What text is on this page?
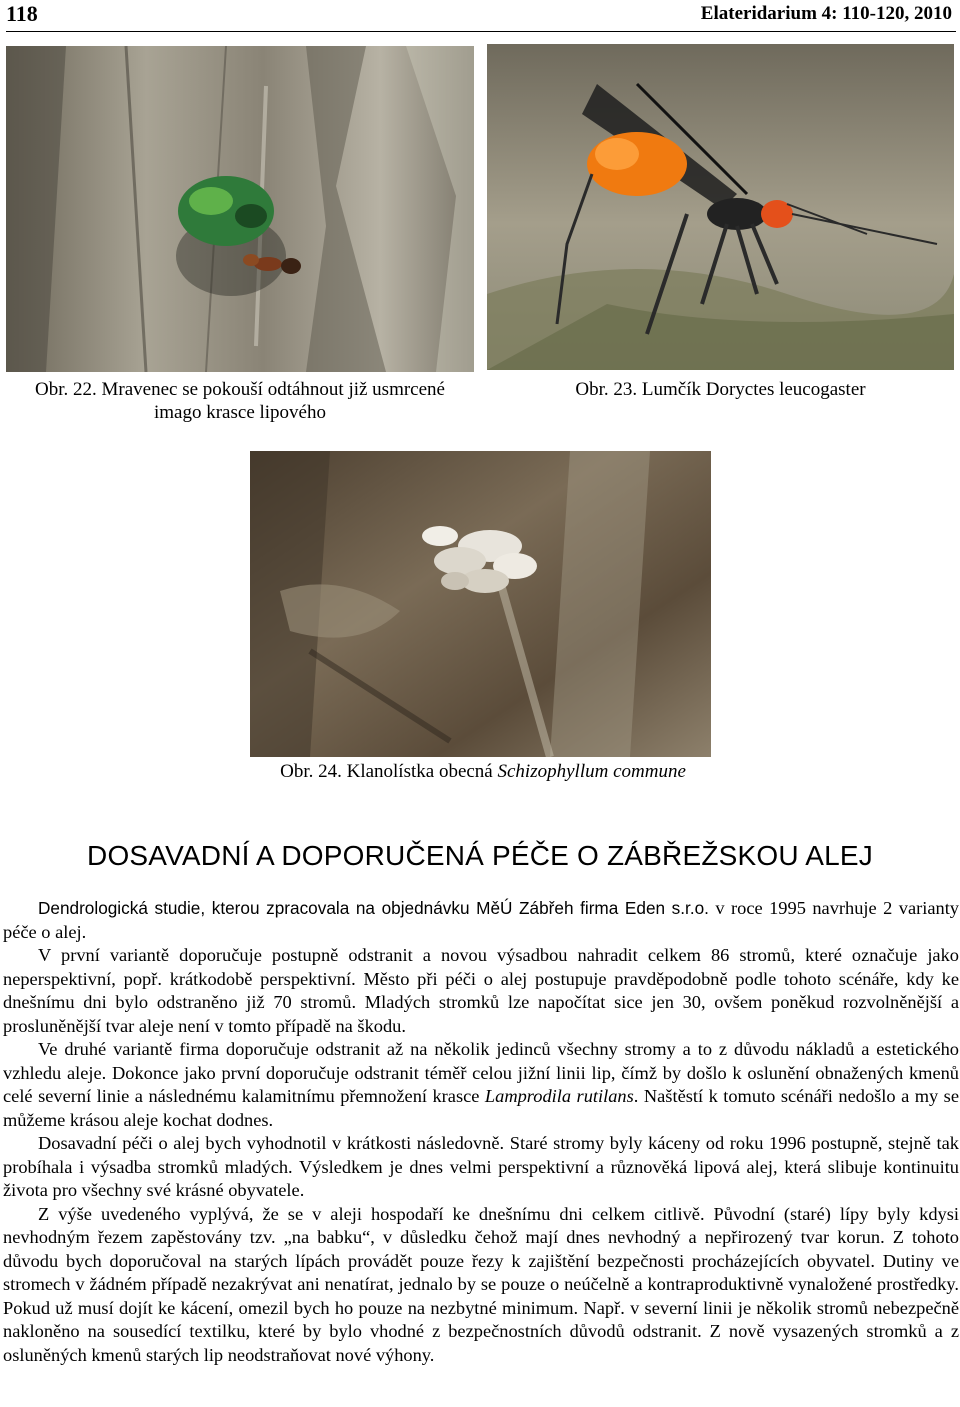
118	Elateridarium 4: 110-120, 2010
Obr. 22. Mravenec se pokouší odtáhnout již usmrcené
imago krasce lipového
Obr. 23. Lumčík Doryctes leucogaster
Obr. 24. Klanolístka obecná Schizophyllum commune
DOSAVADNÍ A DOPORUČENÁ PÉČE O ZÁBŘEŽSKOU ALEJ

Dendrologická studie, kterou zpracovala na objednávku MěÚ Zábřeh firma Eden s.r.o. v roce 1995 navrhuje 2 varianty péče o alej.

V první variantě doporučuje postupně odstranit a novou výsadbou nahradit celkem 86 stromů, které označuje jako neperspektivní, popř. krátkodobě perspektivní. Město při péči o alej postupuje pravděpodobně podle tohoto scénáře, kdy ke dnešnímu dni bylo odstraněno již 70 stromů. Mladých stromků lze napočítat sice jen 30, ovšem poněkud rozvolněnější a prosluněnější tvar aleje není v tomto případě na škodu.

Ve druhé variantě firma doporučuje odstranit až na několik jedinců všechny stromy a to z důvodu nákladů a estetického vzhledu aleje. Dokonce jako první doporučuje odstranit téměř celou jižní linii lip, čímž by došlo k oslunění obnažených kmenů celé severní linie a následnému kalamitnímu přemnožení krasce Lamprodila rutilans. Naštěstí k tomuto scénáři nedošlo a my se můžeme krásou aleje kochat dodnes.

Dosavadní péči o alej bych vyhodnotil v krátkosti následovně. Staré stromy byly káceny od roku 1996 postupně, stejně tak probíhala i výsadba stromků mladých. Výsledkem je dnes velmi perspektivní a různověká lipová alej, která slibuje kontinuitu života pro všechny své krásné obyvatele.

Z výše uvedeného vyplývá, že se v aleji hospodaří ke dnešnímu dni celkem citlivě. Původní (staré) lípy byly kdysi nevhodným řezem zapěstovány tzv. „na babku“, v důsledku čehož mají dnes nevhodný a nepřirozený tvar korun. Z tohoto důvodu bych doporučoval na starých lípách provádět pouze řezy k zajištění bezpečnosti procházejících obyvatel. Dutiny ve stromech v žádném případě nezakrývat ani nenatírat, jednalo by se pouze o neúčelně a kontraproduktivně vynaložené prostředky. Pokud už musí dojít ke kácení, omezil bych ho pouze na nezbytné minimum. Např. v severní linii je několik stromů nebezpečně nakloněno na sousedící textilku, které by bylo vhodné z bezpečnostních důvodů odstranit. Z nově vysazených stromků a z osluněných kmenů starých lip neodstraňovat nové výhony.
